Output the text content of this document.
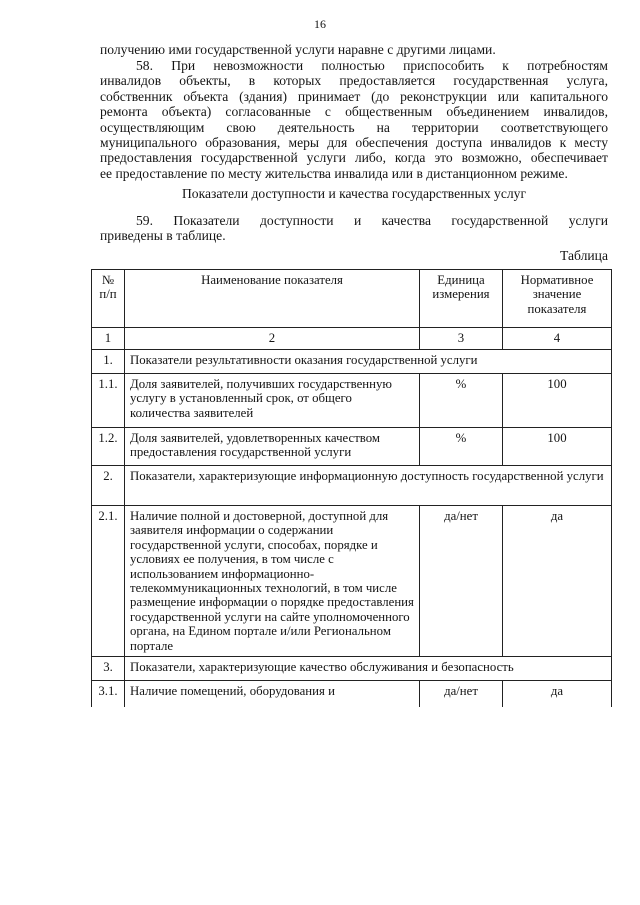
16
получению ими государственной услуги наравне с другими лицами.
58. При невозможности полностью приспособить к потребностям
инвалидов объекты, в которых предоставляется государственная услуга,
собственник объекта (здания) принимает (до реконструкции или капитального
ремонта объекта) согласованные с общественным объединением инвалидов,
осуществляющим свою деятельность на территории соответствующего
муниципального образования, меры для обеспечения доступа инвалидов к месту
предоставления государственной услуги либо, когда это возможно, обеспечивает
ее предоставление по месту жительства инвалида или в дистанционном режиме.
Показатели доступности и качества государственных услуг
59. Показатели доступности и качества государственной услуги
приведены в таблице.
Таблица
№ п/п	Наименование показателя	Единица измерения	Нормативное значение показателя
1	2	3	4
1.	Показатели результативности оказания государственной услуги		
1.1.	Доля заявителей, получивших государственную услугу в установленный срок, от общего количества заявителей	%	100
1.2.	Доля заявителей, удовлетворенных качеством предоставления государственной услуги	%	100
2.	Показатели, характеризующие информационную доступность государственной услуги		
2.1.	Наличие полной и достоверной, доступной для заявителя информации о содержании государственной услуги, способах, порядке и условиях ее получения, в том числе с использованием информационно-телекоммуникационных технологий, в том числе размещение информации о порядке предоставления государственной услуги на сайте уполномоченного органа, на Едином портале и/или Региональном портале	да/нет	да
3.	Показатели, характеризующие качество обслуживания и безопасность		
3.1.	Наличие помещений, оборудования и	да/нет	да
